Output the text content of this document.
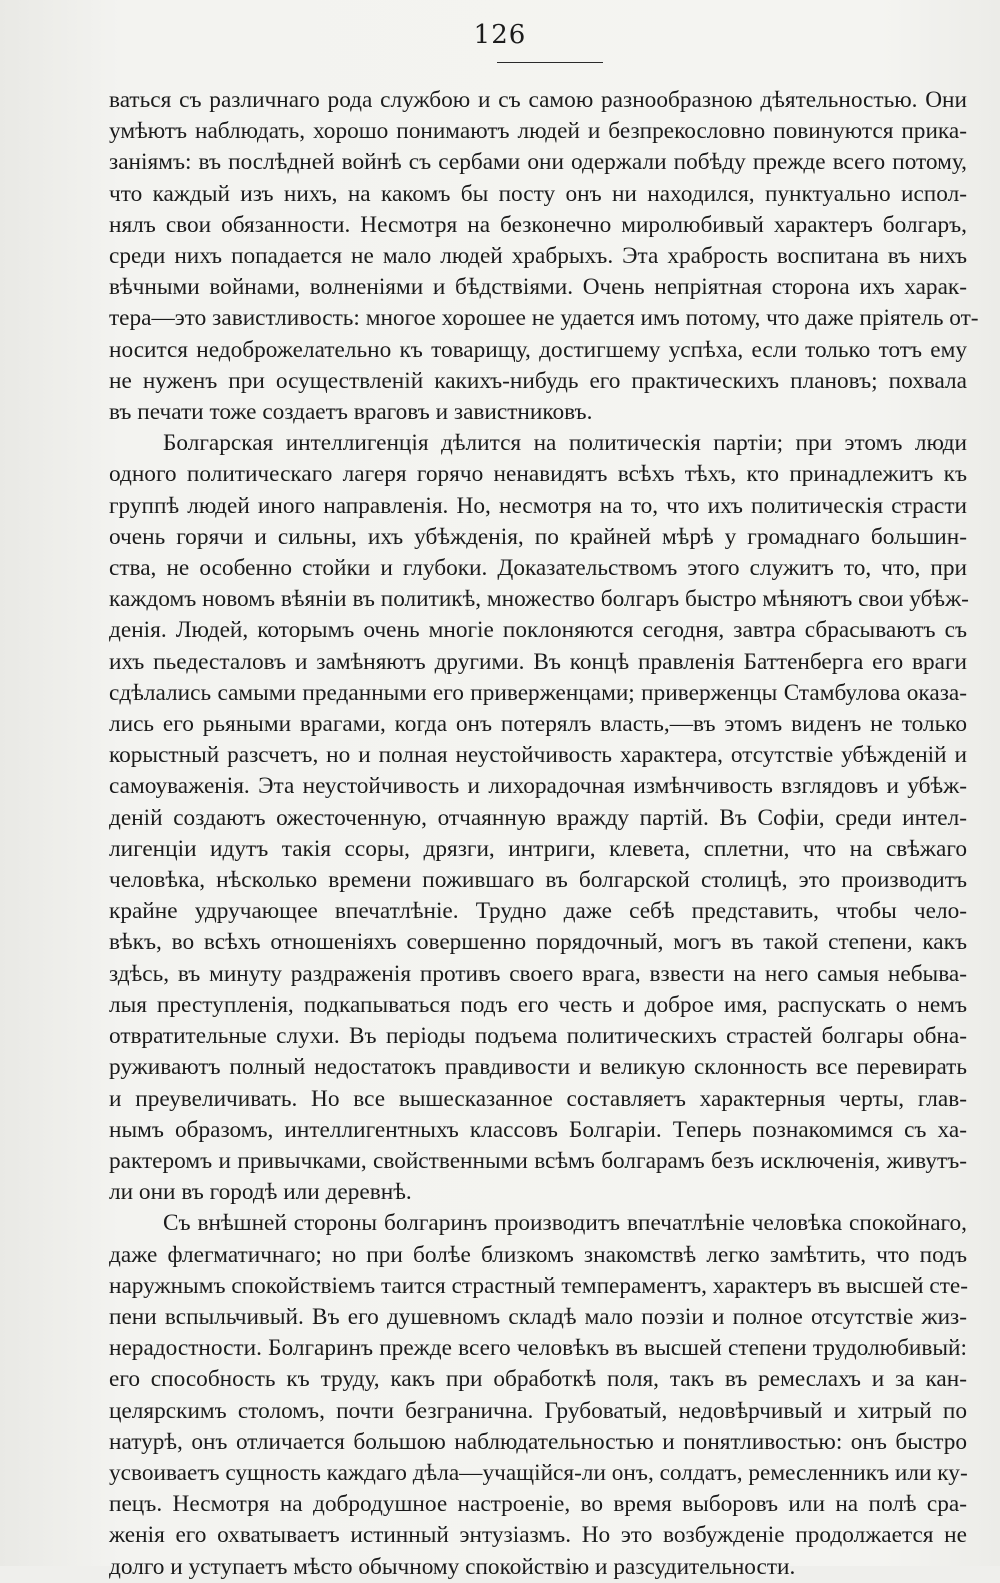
126
ваться съ различнаго рода службою и съ самою разнообразною дѣятельностью. Они
умѣютъ наблюдать, хорошо понимаютъ людей и безпрекословно повинуются прика-
заніямъ: въ послѣдней войнѣ съ сербами они одержали побѣду прежде всего потому,
что каждый изъ нихъ, на какомъ бы посту онъ ни находился, пунктуально испол-
нялъ свои обязанности. Несмотря на безконечно миролюбивый характеръ болгаръ,
среди нихъ попадается не мало людей храбрыхъ. Эта храбрость воспитана въ нихъ
вѣчными войнами, волненіями и бѣдствіями. Очень непріятная сторона ихъ харак-
тера—это завистливость: многое хорошее не удается имъ потому, что даже пріятель от-
носится недоброжелательно къ товарищу, достигшему успѣха, если только тотъ ему
не нуженъ при осуществленій какихъ-нибудь его практическихъ плановъ; похвала
въ печати тоже создаетъ враговъ и завистниковъ.
Болгарская интеллигенція дѣлится на политическія партіи; при этомъ люди
одного политическаго лагеря горячо ненавидятъ всѣхъ тѣхъ, кто принадлежитъ къ
группѣ людей иного направленія. Но, несмотря на то, что ихъ политическія страсти
очень горячи и сильны, ихъ убѣжденія, по крайней мѣрѣ у громаднаго большин-
ства, не особенно стойки и глубоки. Доказательствомъ этого служитъ то, что, при
каждомъ новомъ вѣяніи въ политикѣ, множество болгаръ быстро мѣняютъ свои убѣж-
денія. Людей, которымъ очень многіе поклоняются сегодня, завтра сбрасываютъ съ
ихъ пьедесталовъ и замѣняютъ другими. Въ концѣ правленія Баттенберга его враги
сдѣлались самыми преданными его приверженцами; приверженцы Стамбулова оказа-
лись его рьяными врагами, когда онъ потерялъ власть,—въ этомъ виденъ не только
корыстный разсчетъ, но и полная неустойчивость характера, отсутствіе убѣжденій и
самоуваженія. Эта неустойчивость и лихорадочная измѣнчивость взглядовъ и убѣж-
деній создаютъ ожесточенную, отчаянную вражду партій. Въ Софіи, среди интел-
лигенціи идутъ такія ссоры, дрязги, интриги, клевета, сплетни, что на свѣжаго
человѣка, нѣсколько времени пожившаго въ болгарской столицѣ, это производитъ
крайне удручающее впечатлѣніе. Трудно даже себѣ представить, чтобы чело-
вѣкъ, во всѣхъ отношеніяхъ совершенно порядочный, могъ въ такой степени, какъ
здѣсь, въ минуту раздраженія противъ своего врага, взвести на него самыя небыва-
лыя преступленія, подкапываться подъ его честь и доброе имя, распускать о немъ
отвратительные слухи. Въ періоды подъема политическихъ страстей болгары обна-
руживаютъ полный недостатокъ правдивости и великую склонность все перевирать
и преувеличивать. Но все вышесказанное составляетъ характерныя черты, глав-
нымъ образомъ, интеллигентныхъ классовъ Болгаріи. Теперь познакомимся съ ха-
рактеромъ и привычками, свойственными всѣмъ болгарамъ безъ исключенія, живутъ-
ли они въ городѣ или деревнѣ.
Съ внѣшней стороны болгаринъ производитъ впечатлѣніе человѣка спокойнаго,
даже флегматичнаго; но при болѣе близкомъ знакомствѣ легко замѣтить, что подъ
наружнымъ спокойствіемъ таится страстный темпераментъ, характеръ въ высшей сте-
пени вспыльчивый. Въ его душевномъ складѣ мало поэзіи и полное отсутствіе жиз-
нерадостности. Болгаринъ прежде всего человѣкъ въ высшей степени трудолюбивый:
его способность къ труду, какъ при обработкѣ поля, такъ въ ремеслахъ и за кан-
целярскимъ столомъ, почти безгранична. Грубоватый, недовѣрчивый и хитрый по
натурѣ, онъ отличается большою наблюдательностью и понятливостью: онъ быстро
усвоиваетъ сущность каждаго дѣла—учащійся-ли онъ, солдатъ, ремесленникъ или ку-
пецъ. Несмотря на добродушное настроеніе, во время выборовъ или на полѣ сра-
женія его охватываетъ истинный энтузіазмъ. Но это возбужденіе продолжается не
долго и уступаетъ мѣсто обычному спокойствію и разсудительности.
